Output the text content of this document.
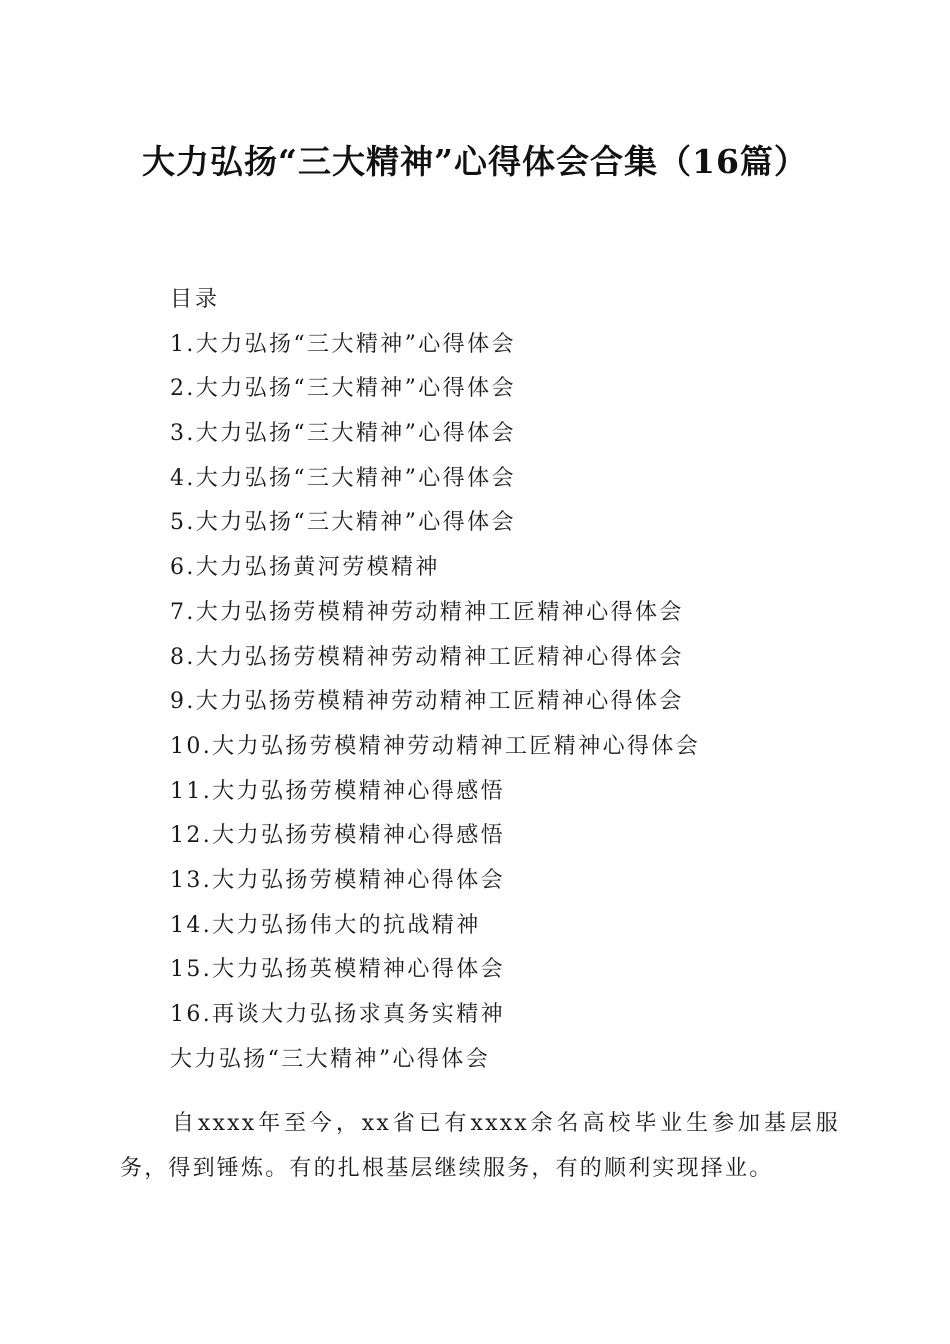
大力弘扬“三大精神”心得体会合集（16篇）
目录
1.大力弘扬“三大精神”心得体会
2.大力弘扬“三大精神”心得体会
3.大力弘扬“三大精神”心得体会
4.大力弘扬“三大精神”心得体会
5.大力弘扬“三大精神”心得体会
6.大力弘扬黄河劳模精神
7.大力弘扬劳模精神劳动精神工匠精神心得体会
8.大力弘扬劳模精神劳动精神工匠精神心得体会
9.大力弘扬劳模精神劳动精神工匠精神心得体会
10.大力弘扬劳模精神劳动精神工匠精神心得体会
11.大力弘扬劳模精神心得感悟
12.大力弘扬劳模精神心得感悟
13.大力弘扬劳模精神心得体会
14.大力弘扬伟大的抗战精神
15.大力弘扬英模精神心得体会
16.再谈大力弘扬求真务实精神
大力弘扬“三大精神”心得体会

自xxxx年至今，xx省已有xxxx余名高校毕业生参加基层服务，得到锤炼。有的扎根基层继续服务，有的顺利实现择业。
